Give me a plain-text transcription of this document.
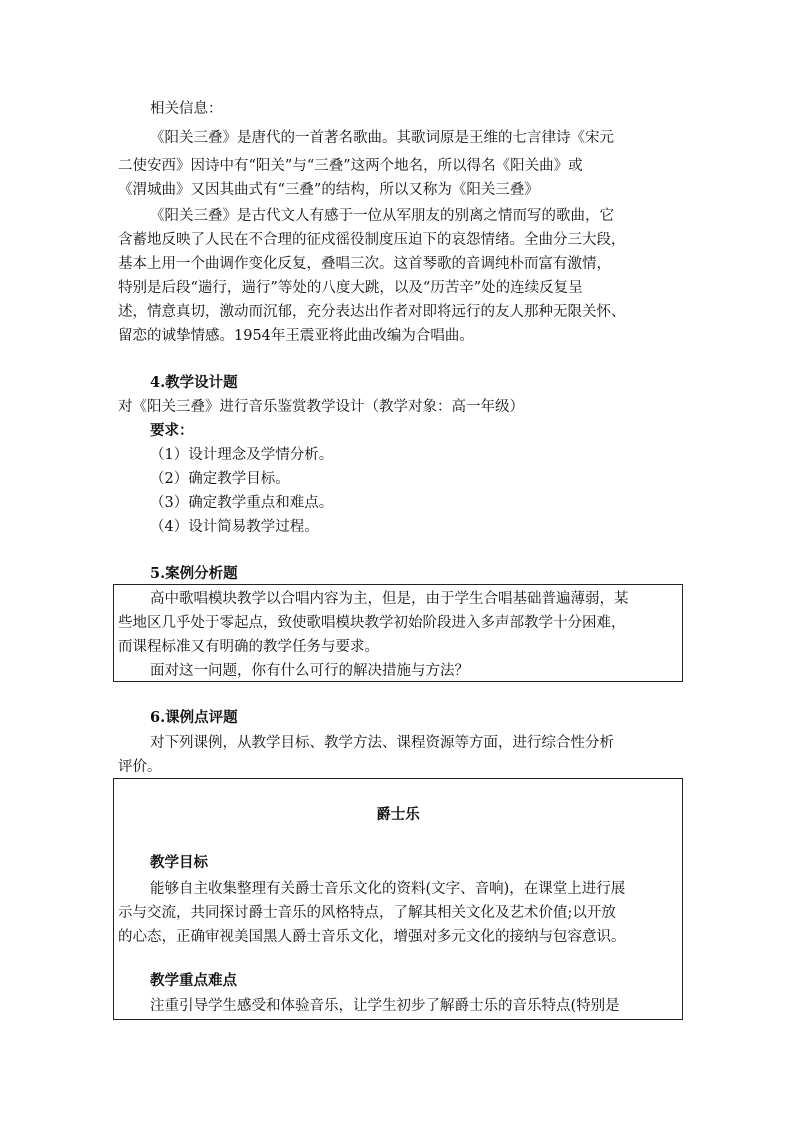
相关信息：
《阳关三叠》是唐代的一首著名歌曲。其歌词原是王维的七言律诗《宋元
二使安西》因诗中有“阳关”与“三叠”这两个地名，所以得名《阳关曲》或
《渭城曲》又因其曲式有“三叠”的结构，所以又称为《阳关三叠》
《阳关三叠》是古代文人有感于一位从军朋友的别离之情而写的歌曲，它
含蓄地反映了人民在不合理的征戍徭役制度压迫下的哀怨情绪。全曲分三大段，
基本上用一个曲调作变化反复，叠唱三次。这首琴歌的音调纯朴而富有激情，
特别是后段“遄行，遄行”等处的八度大跳，以及“历苦辛”处的连续反复呈
述，情意真切，激动而沉郁，充分表达出作者对即将远行的友人那种无限关怀、
留恋的诚挚情感。1954年王震亚将此曲改编为合唱曲。
4.教学设计题
对《阳关三叠》进行音乐鉴赏教学设计（教学对象：高一年级）
要求：
（1）设计理念及学情分析。
（2）确定教学目标。
（3）确定教学重点和难点。
（4）设计简易教学过程。
5.案例分析题
高中歌唱模块教学以合唱内容为主，但是，由于学生合唱基础普遍薄弱，某
些地区几乎处于零起点，致使歌唱模块教学初始阶段进入多声部教学十分困难，
而课程标准又有明确的教学任务与要求。
面对这一问题，你有什么可行的解决措施与方法？
6.课例点评题
对下列课例，从教学目标、教学方法、课程资源等方面，进行综合性分析
评价。
爵士乐
教学目标
能够自主收集整理有关爵士音乐文化的资料(文字、音响)，在课堂上进行展
示与交流，共同探讨爵士音乐的风格特点，了解其相关文化及艺术价值;以开放
的心态，正确审视美国黑人爵士音乐文化，增强对多元文化的接纳与包容意识。
教学重点难点
注重引导学生感受和体验音乐，让学生初步了解爵士乐的音乐特点(特别是
